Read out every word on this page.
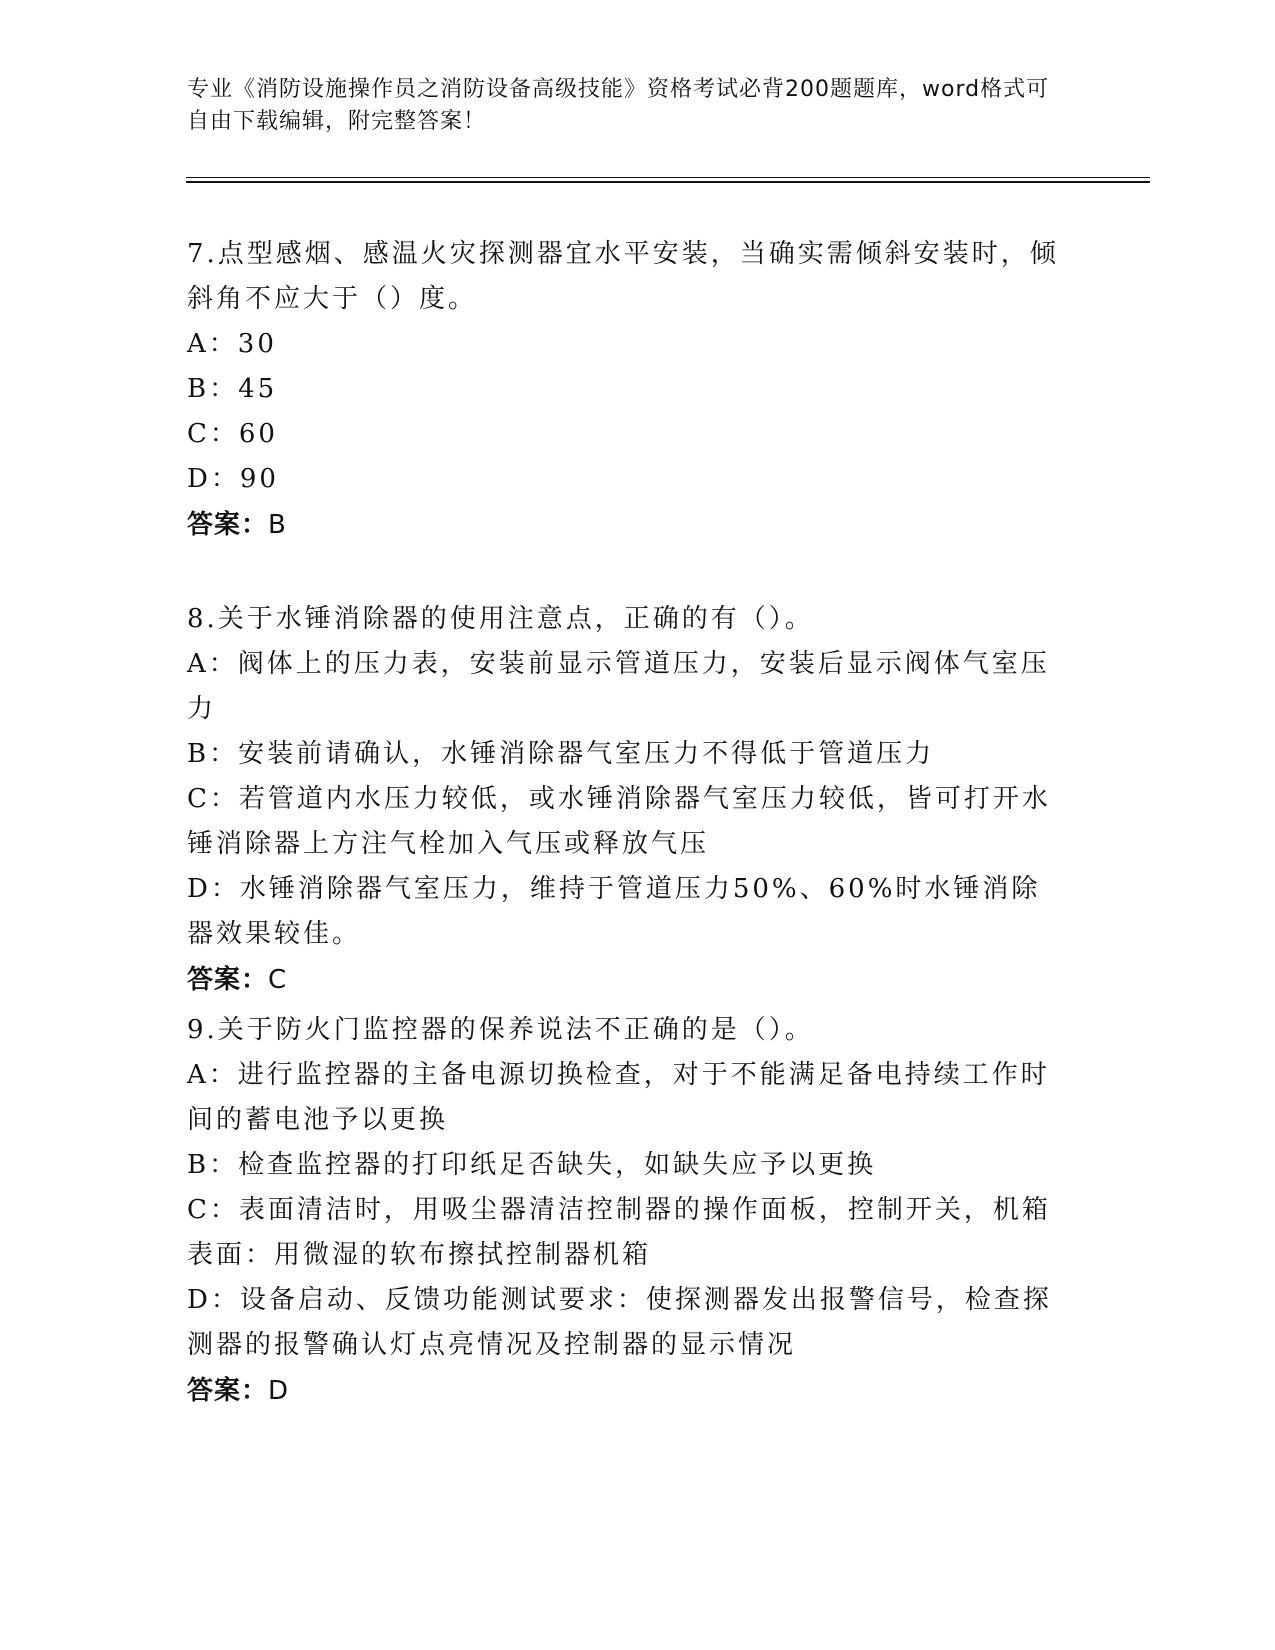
专业《消防设施操作员之消防设备高级技能》资格考试必背200题题库，word格式可自由下载编辑，附完整答案！

7.点型感烟、感温火灾探测器宜水平安装，当确实需倾斜安装时，倾斜角不应大于（）度。

A：30

B：45

C：60

D：90

答案：B

8.关于水锤消除器的使用注意点，正确的有（）。

A：阀体上的压力表，安装前显示管道压力，安装后显示阀体气室压力

B：安装前请确认，水锤消除器气室压力不得低于管道压力

C：若管道内水压力较低，或水锤消除器气室压力较低，皆可打开水锤消除器上方注气栓加入气压或释放气压

D：水锤消除器气室压力，维持于管道压力50%、60%时水锤消除器效果较佳。

答案：C

9.关于防火门监控器的保养说法不正确的是（）。

A：进行监控器的主备电源切换检查，对于不能满足备电持续工作时间的蓄电池予以更换

B：检查监控器的打印纸足否缺失，如缺失应予以更换

C：表面清洁时，用吸尘器清洁控制器的操作面板，控制开关，机箱表面：用微湿的软布擦拭控制器机箱

D：设备启动、反馈功能测试要求：使探测器发出报警信号，检查探测器的报警确认灯点亮情况及控制器的显示情况

答案：D
